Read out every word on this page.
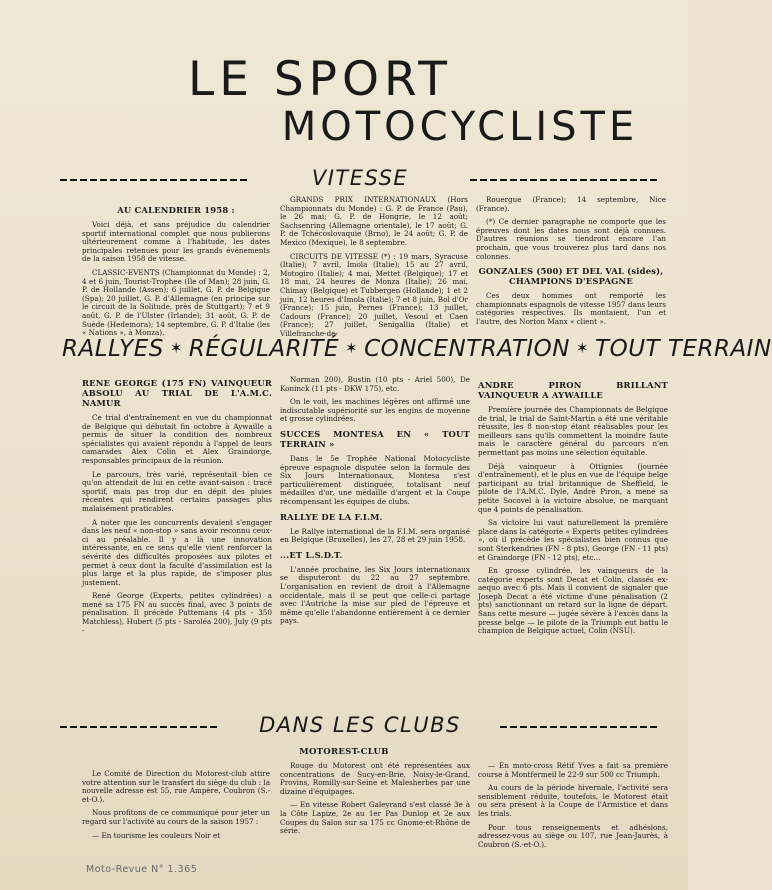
LE SPORT
MOTOCYCLISTE
VITESSE

AU CALENDRIER 1958 :

Voici déjà, et sans préjudice du calendrier sportif international complet que nous publierons ultérieurement comme à l'habitude, les dates principales retenues pour les grands événements de la saison 1958 de vitesse.

CLASSIC-EVENTS (Championnat du Monde) : 2, 4 et 6 juin, Tourist-Trophee (Ile of Man); 28 juin, G. P. de Hollande (Assen); 6 juillet, G. P. de Belgique (Spa); 20 juillet, G. P. d'Allemagne (en principe sur le circuit de la Solitude, près de Stuttgart); 7 et 9 août, G. P. de l'Ulster (Irlande); 31 août, G. P. de Suède (Hedemora); 14 septembre, G. P. d'Italie (les « Nations », à Monza).

GRANDS PRIX INTERNATIONAUX (Hors Championnats du Monde) : G. P. de France (Pau), le 26 mai; G. P. de Hongrie, le 12 août; Sachsenring (Allemagne orientale), le 17 août; G. P. de Tchécoslovaquie (Brno), le 24 août; G. P. de Mexico (Mexique), le 8 septembre.

CIRCUITS DE VITESSE (*) : 19 mars, Syracuse (Italie); 7 avril, Imola (Italie); 15 au 27 avril, Motogiro (Italie); 4 mai, Mettet (Belgique); 17 et 18 mai, 24 heures de Monza (Italie); 26 mai, Chimay (Belgique) et Tubbergen (Hollande); 1 et 2 juin, 12 heures d'Imola (Italie); 7 et 8 juin, Bol d'Or (France); 15 juin, Pernes (France); 13 juillet, Cadours (France); 20 juillet, Vesoul et Caen (France); 27 juillet, Senigallia (Italie) et Villefranche-de-

Rouergue (France); 14 septembre, Nice (France).

(*) Ce dernier paragraphe ne comporte que les épreuves dont les dates nous sont déjà connues. D'autres réunions se tiendront encore l'an prochain, que vous trouverez plus tard dans nos colonnes.

GONZALES (500) ET DEL VAL (sides), CHAMPIONS D'ESPAGNE

Ces deux hommes ont remporté les championnats espagnols de vitesse 1957 dans leurs catégories respectives. Ils montaient, l'un et l'autre, des Norton Manx « client ».

RALLYES ✶ RÉGULARITÉ ✶ CONCENTRATION ✶ TOUT TERRAIN

RENE GEORGE (175 FN) VAINQUEUR ABSOLU AU TRIAL DE L'A.M.C. NAMUR

Ce trial d'entraînement en vue du championnat de Belgique qui débutait fin octobre à Aywaille a permis de situer la condition des nombreux spécialistes qui avaient répondu à l'appel de leurs camarades Alex Colin et Alex Graindorge, responsables principaux de la réunion.

Le parcours, très varié, représentait bien ce qu'on attendait de lui en cette avant-saison : tracé sportif, mais pas trop dur en dépit des pluies récentes qui rendirent certains passages plus malaisément praticables.

A noter que les concurrents devaient s'engager dans les neuf « non-stop » sans avoir reconnu ceux-ci au préalable. Il y a là une innovation intéressante, en ce sens qu'elle vient renforcer la sévérité des difficultés proposées aux pilotes et permet à ceux dont la faculté d'assimilation est la plus large et la plus rapide, de s'imposer plus justement.

René George (Experts, petites cylindrées) a mené sa 175 FN au succès final, avec 3 points de pénalisation. Il précède Puttemans (4 pts - 350 Matchless), Hubert (5 pts - Saroléa 200), July (9 pts -

Norman 200), Bustin (10 pts - Ariel 500), De Koninck (11 pts - DKW 175), etc.

On le voit, les machines légères ont affirmé une indiscutable supériorité sur les engins de moyenne et grosse cylindrées.

SUCCES MONTESA EN « TOUT TERRAIN »

Dans le 5e Trophée National Motocycliste épreuve espagnole disputée selon la formule des Six Jours Internationaux, Montesa s'est particulièrement distinguée, totalisant neuf médailles d'or, une médaille d'argent et la Coupe récompensant les équipes de clubs.

RALLYE DE LA F.I.M.

Le Rallye international de la F.I.M. sera organisé en Belgique (Bruxelles), les 27, 28 et 29 juin 1958.

...ET L.S.D.T.

L'année prochaine, les Six Jours internationaux se disputeront du 22 au 27 septembre. L'organisation en revient de droit à l'Allemagne occidentale, mais il se peut que celle-ci partage avec l'Autriche la mise sur pied de l'épreuve et même qu'elle l'abandonne entièrement à ce dernier pays.

ANDRE PIRON BRILLANT VAINQUEUR A AYWAILLE

Première journée des Championnats de Belgique de trial, le trial de Saint-Martin a été une véritable réussite, les 8 non-stop étant réalisables pour les meilleurs sans qu'ils commettent la moindre faute mais le caractère général du parcours n'en permettant pas moins une sélection équitable.

Déjà vainqueur à Ottignies (journée d'entraînement), et le plus en vue de l'équipe belge participant au trial britannique de Sheffield, le pilote de l'A.M.C. Dyle, André Piron, a mené sa petite Socovel à la victoire absolue, ne marquant que 4 points de pénalisation.

Sa victoire lui vaut naturellement la première place dans la catégorie « Experts petites cylindrées », où il précède les spécialistes bien connus que sont Sterkendries (FN - 8 pts), George (FN - 11 pts) et Graindorge (FN - 12 pts), etc...

En grosse cylindrée, les vainqueurs de la catégorie experts sont Decat et Colin, classés ex-aequo avec 6 pts. Mais il convient de signaler que Joseph Decat a été victime d'une pénalisation (2 pts) sanctionnant un retard sur la ligne de départ. Sans cette mesure — jugée sévère à l'excès dans la presse belge — le pilote de la Triumph eut battu le champion de Belgique actuel, Colin (NSU).

DANS LES CLUBS
MOTOREST-CLUB

Le Comité de Direction du Motorest-club attire votre attention sur le transfert du siège du club : la nouvelle adresse est 55, rue Ampère, Coubron (S.-et-O.).

Nous profitons de ce communiqué pour jeter un regard sur l'activité au cours de la saison 1957 :

— En tourisme les couleurs Noir et

Rouge du Motorest ont été représentées aux concentrations de Sucy-en-Brie, Noisy-le-Grand, Provins, Romilly-sur-Seine et Malesherbes par une dizaine d'équipages.

— En vitesse Robert Galeyrand s'est classé 3e à la Côte Lapize, 2e au 1er Pas Dunlop et 2e aux Coupes du Salon sur sa 175 cc Gnome-et-Rhône de série.

— En moto-cross Rétif Yves a fait sa première course à Montfermeil le 22-9 sur 500 cc Triumph.

Au cours de la période hivernale, l'activité sera sensiblement réduite, toutefois, le Motorest était ou sera présent à la Coupe de l'Armistice et dans les trials.

Pour tous renseignements et adhésions, adressez-vous au siège ou 107, rue Jean-Jaurès, à Coubron (S.-et-O.).

Moto-Revue N° 1.365
